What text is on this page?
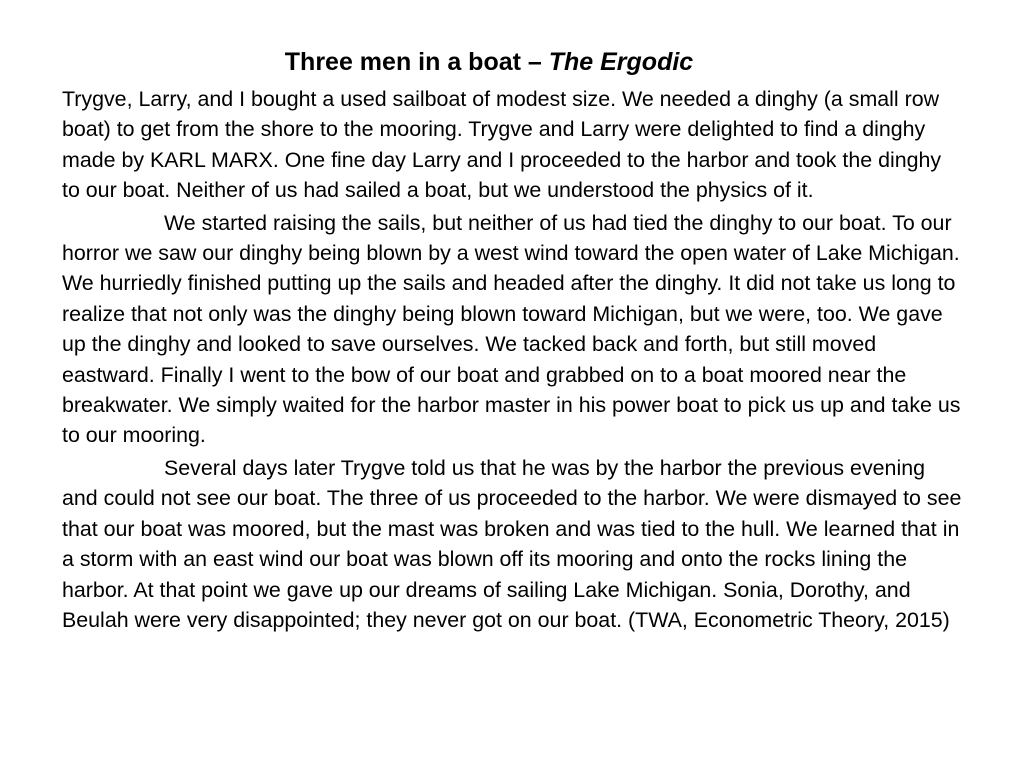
Three men in a boat – The Ergodic

Trygve, Larry, and I bought a used sailboat of modest size. We needed a dinghy (a small row boat) to get from the shore to the mooring. Trygve and Larry were delighted to find a dinghy made by KARL MARX. One fine day Larry and I proceeded to the harbor and took the dinghy to our boat. Neither of us had sailed a boat, but we understood the physics of it.

We started raising the sails, but neither of us had tied the dinghy to our boat. To our horror we saw our dinghy being blown by a west wind toward the open water of Lake Michigan. We hurriedly finished putting up the sails and headed after the dinghy. It did not take us long to realize that not only was the dinghy being blown toward Michigan, but we were, too. We gave up the dinghy and looked to save ourselves. We tacked back and forth, but still moved eastward. Finally I went to the bow of our boat and grabbed on to a boat moored near the breakwater. We simply waited for the harbor master in his power boat to pick us up and take us to our mooring.

Several days later Trygve told us that he was by the harbor the previous evening and could not see our boat. The three of us proceeded to the harbor. We were dismayed to see that our boat was moored, but the mast was broken and was tied to the hull. We learned that in a storm with an east wind our boat was blown off its mooring and onto the rocks lining the harbor. At that point we gave up our dreams of sailing Lake Michigan. Sonia, Dorothy, and Beulah were very disappointed; they never got on our boat. (TWA, Econometric Theory, 2015)
